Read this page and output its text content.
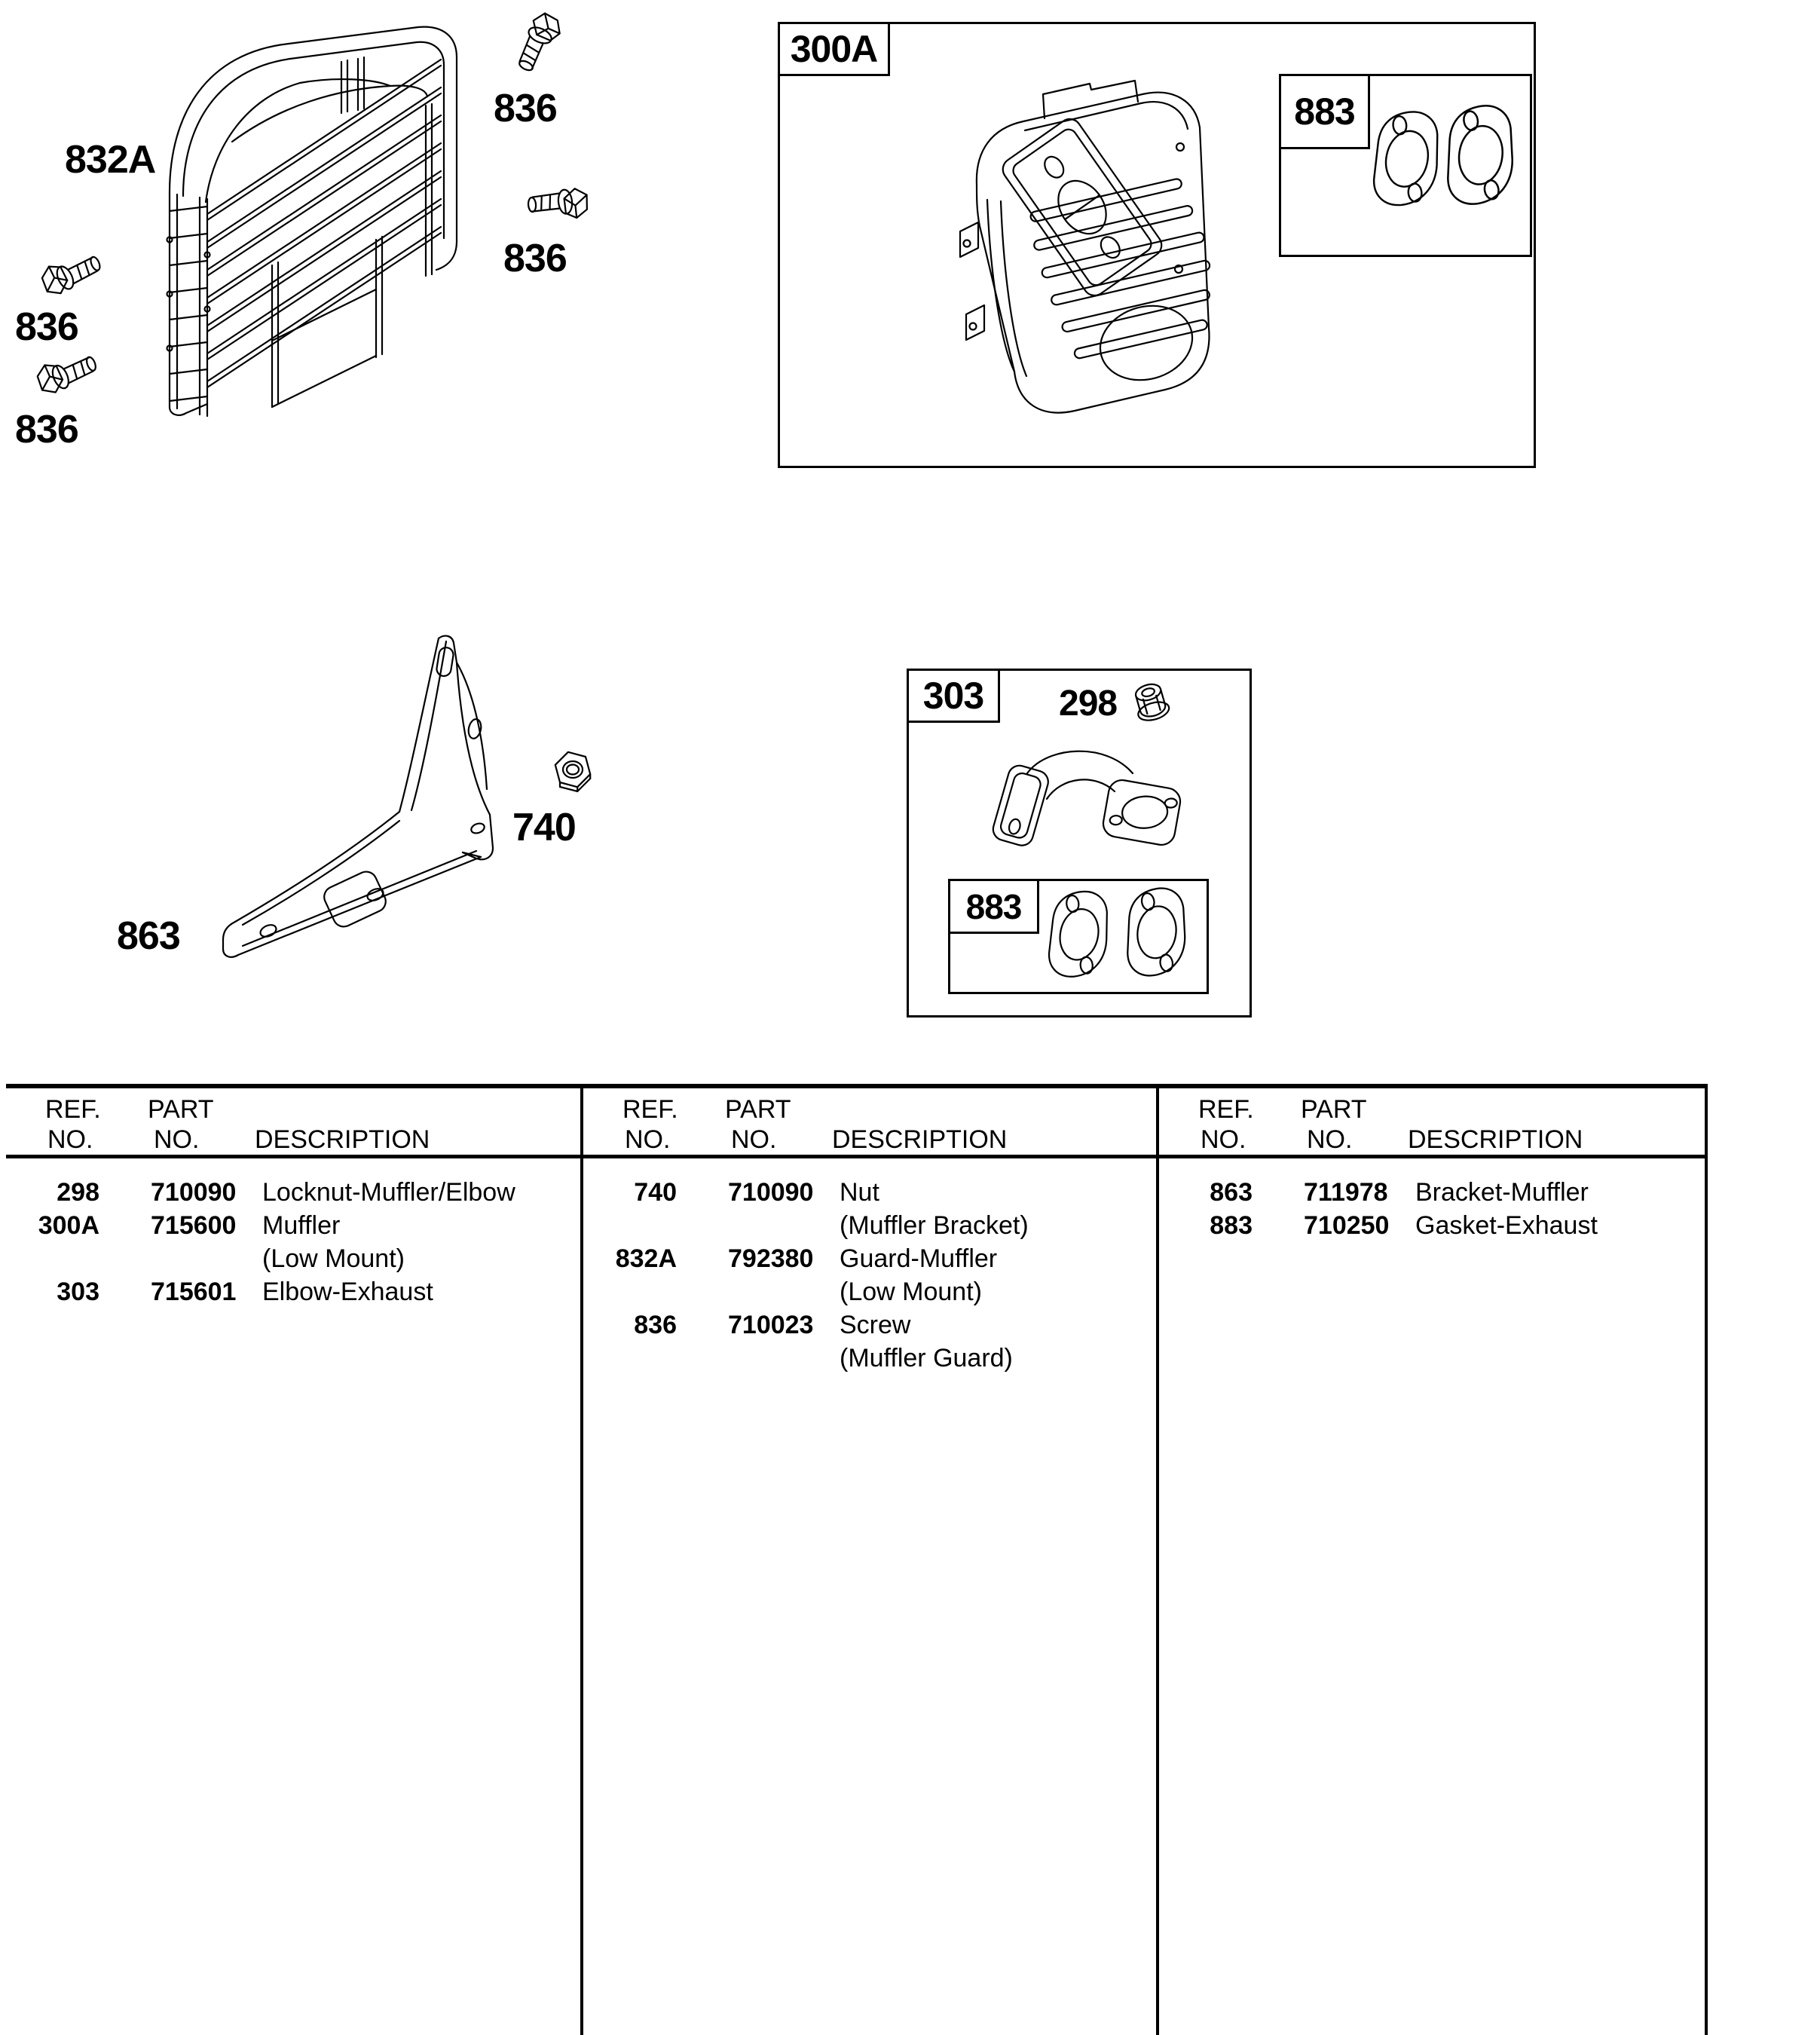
836
836
836
836
832A
300A
883
863
740
303 298
883
REF.
NO.
PART
NO. DESCRIPTION
298 710090 Locknut-Muffler/Elbow
300A 715600 Muffler
(Low Mount)
303 715601 Elbow-Exhaust
REF.
NO.
PART
NO. DESCRIPTION
740 710090 Nut
(Muffler Bracket)
832A 792380 Guard-Muffler
(Low Mount)
836 710023 Screw
(Muffler Guard)
REF.
NO.
PART
NO. DESCRIPTION
863 711978 Bracket-Muffler
883 710250 Gasket-Exhaust
